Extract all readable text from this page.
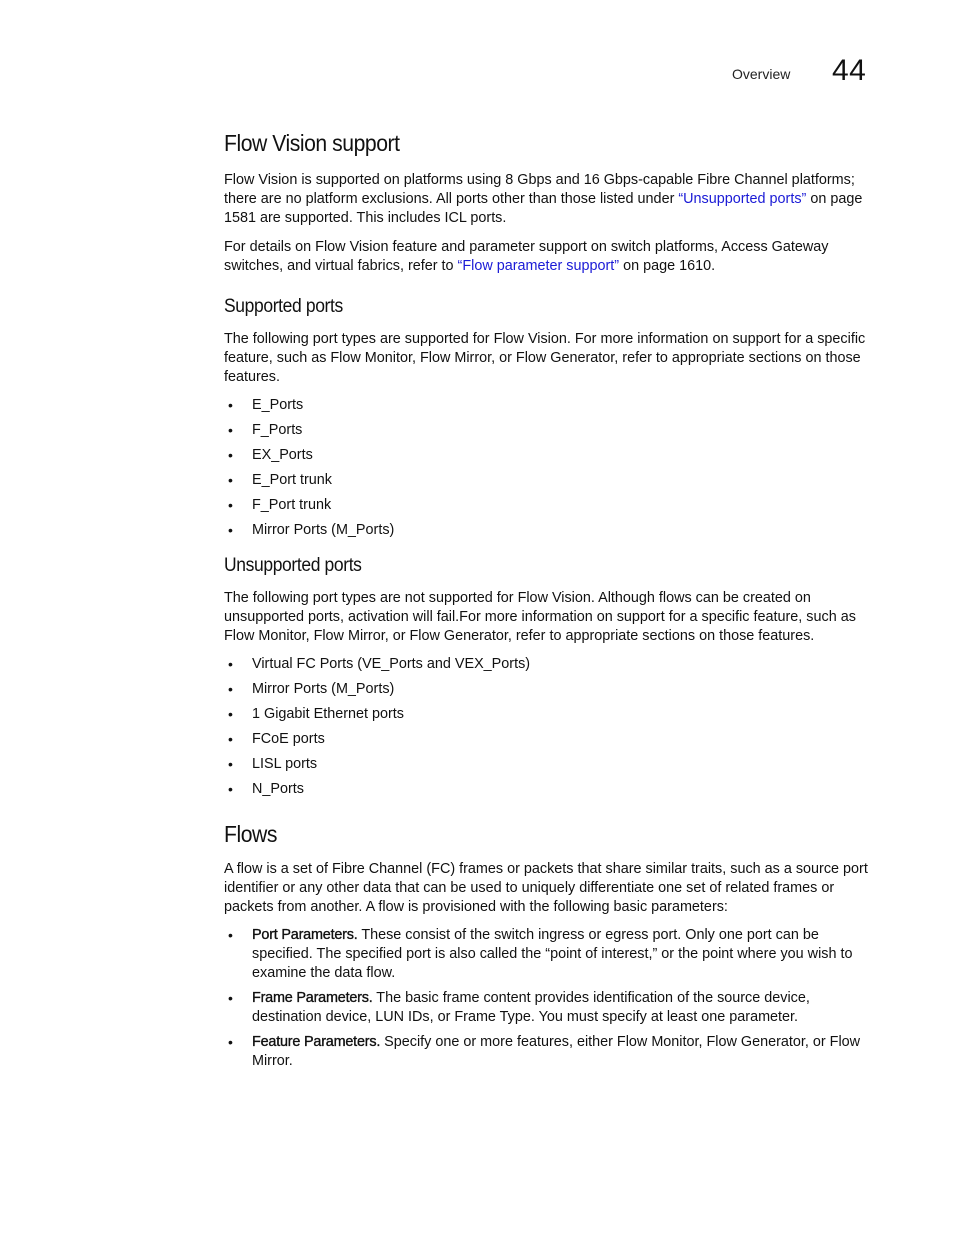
Overview 44
Flow Vision support

Flow Vision is supported on platforms using 8 Gbps and 16 Gbps-capable Fibre Channel platforms; there are no platform exclusions. All ports other than those listed under “Unsupported ports” on page 1581 are supported. This includes ICL ports.

For details on Flow Vision feature and parameter support on switch platforms, Access Gateway switches, and virtual fabrics, refer to “Flow parameter support” on page 1610.

Supported ports

The following port types are supported for Flow Vision. For more information on support for a specific feature, such as Flow Monitor, Flow Mirror, or Flow Generator, refer to appropriate sections on those features.

• E_Ports
• F_Ports
• EX_Ports
• E_Port trunk
• F_Port trunk
• Mirror Ports (M_Ports)
Unsupported ports

The following port types are not supported for Flow Vision. Although flows can be created on unsupported ports, activation will fail.For more information on support for a specific feature, such as Flow Monitor, Flow Mirror, or Flow Generator, refer to appropriate sections on those features.

• Virtual FC Ports (VE_Ports and VEX_Ports)
• Mirror Ports (M_Ports)
• 1 Gigabit Ethernet ports
• FCoE ports
• LISL ports
• N_Ports
Flows

A flow is a set of Fibre Channel (FC) frames or packets that share similar traits, such as a source port identifier or any other data that can be used to uniquely differentiate one set of related frames or packets from another. A flow is provisioned with the following basic parameters:

• Port Parameters. These consist of the switch ingress or egress port. Only one port can be specified. The specified port is also called the “point of interest,” or the point where you wish to examine the data flow.
• Frame Parameters. The basic frame content provides identification of the source device, destination device, LUN IDs, or Frame Type. You must specify at least one parameter.
• Feature Parameters. Specify one or more features, either Flow Monitor, Flow Generator, or Flow Mirror.
